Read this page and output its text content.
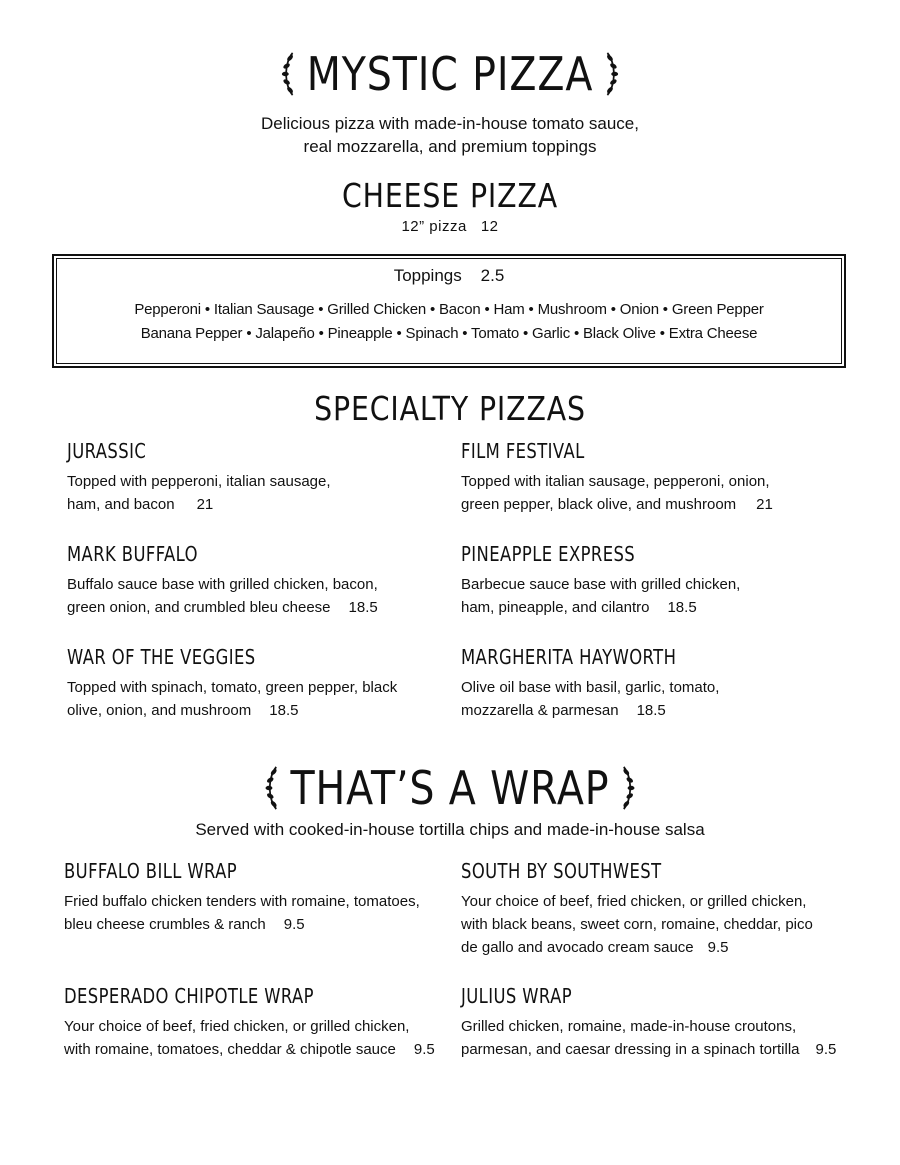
MYSTIC PIZZA
Delicious pizza with made-in-house tomato sauce,
real mozzarella, and premium toppings
CHEESE PIZZA
12” pizza 12
Toppings 2.5
Pepperoni • Italian Sausage • Grilled Chicken • Bacon • Ham • Mushroom • Onion • Green Pepper
Banana Pepper • Jalapeño • Pineapple • Spinach • Tomato • Garlic • Black Olive • Extra Cheese
SPECIALTY PIZZAS
JURASSIC
Topped with pepperoni, italian sausage,
ham, and bacon 21
FILM FESTIVAL
Topped with italian sausage, pepperoni, onion,
green pepper, black olive, and mushroom 21
MARK BUFFALO
Buffalo sauce base with grilled chicken, bacon,
green onion, and crumbled bleu cheese 18.5
PINEAPPLE EXPRESS
Barbecue sauce base with grilled chicken,
ham, pineapple, and cilantro 18.5
WAR OF THE VEGGIES
Topped with spinach, tomato, green pepper, black
olive, onion, and mushroom 18.5
MARGHERITA HAYWORTH
Olive oil base with basil, garlic, tomato,
mozzarella & parmesan 18.5
THAT’S A WRAP
Served with cooked-in-house tortilla chips and made-in-house salsa
BUFFALO BILL WRAP
Fried buffalo chicken tenders with romaine, tomatoes,
bleu cheese crumbles & ranch 9.5
SOUTH BY SOUTHWEST
Your choice of beef, fried chicken, or grilled chicken,
with black beans, sweet corn, romaine, cheddar, pico
de gallo and avocado cream sauce 9.5
DESPERADO CHIPOTLE WRAP
Your choice of beef, fried chicken, or grilled chicken,
with romaine, tomatoes, cheddar & chipotle sauce 9.5
JULIUS WRAP
Grilled chicken, romaine, made-in-house croutons,
parmesan, and caesar dressing in a spinach tortilla 9.5
